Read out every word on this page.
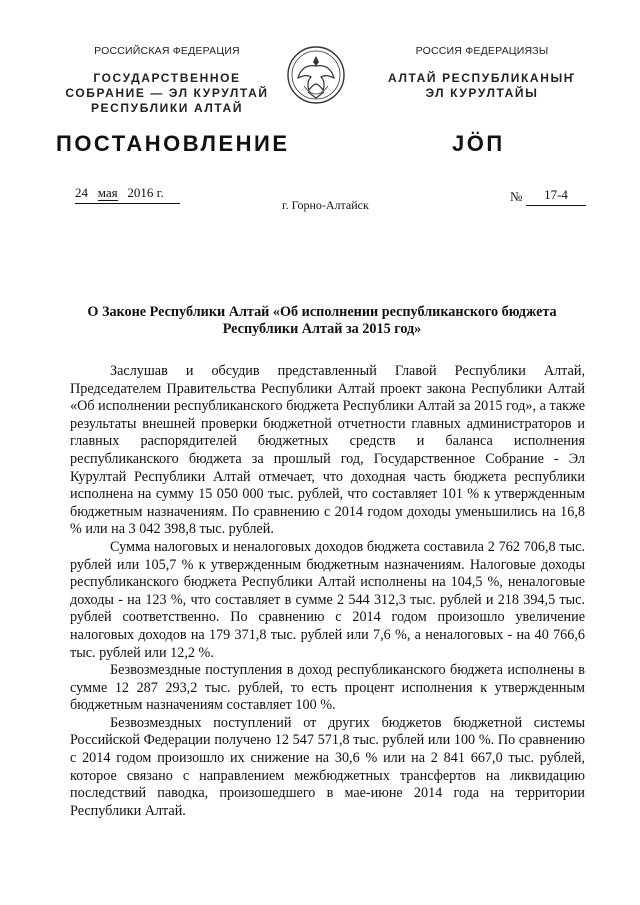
РОССИЙСКАЯ ФЕДЕРАЦИЯ
ГОСУДАРСТВЕННОЕ
СОБРАНИЕ — ЭЛ КУРУЛТАЙ
РЕСПУБЛИКИ АЛТАЙ
РОССИЯ ФЕДЕРАЦИЯЗЫ
АЛТАЙ РЕСПУБЛИКАНЫҤ
ЭЛ КУРУЛТАЙЫ
ПОСТАНОВЛЕНИЕ	JÖП
24 мая 2016 г.
г. Горно-Алтайск
№	17-4
О Законе Республики Алтай «Об исполнении республиканского бюджета
Республики Алтай за 2015 год»

Заслушав и обсудив представленный Главой Республики Алтай, Председателем Правительства Республики Алтай проект закона Республики Алтай «Об исполнении республиканского бюджета Республики Алтай за 2015 год», а также результаты внешней проверки бюджетной отчетности главных администраторов и главных распорядителей бюджетных средств и баланса исполнения республиканского бюджета за прошлый год, Государственное Собрание - Эл Курултай Республики Алтай отмечает, что доходная часть бюджета республики исполнена на сумму 15 050 000 тыс. рублей, что составляет 101 % к утвержденным бюджетным назначениям. По сравнению с 2014 годом доходы уменьшились на 16,8 % или на 3 042 398,8 тыс. рублей.

Сумма налоговых и неналоговых доходов бюджета составила 2 762 706,8 тыс. рублей или 105,7 % к утвержденным бюджетным назначениям. Налоговые доходы республиканского бюджета Республики Алтай исполнены на 104,5 %, неналоговые доходы - на 123 %, что составляет в сумме 2 544 312,3 тыс. рублей и 218 394,5 тыс. рублей соответственно. По сравнению с 2014 годом произошло увеличение налоговых доходов на 179 371,8 тыс. рублей или 7,6 %, а неналоговых - на 40 766,6 тыс. рублей или 12,2 %.

Безвозмездные поступления в доход республиканского бюджета исполнены в сумме 12 287 293,2 тыс. рублей, то есть процент исполнения к утвержденным бюджетным назначениям составляет 100 %.

Безвозмездных поступлений от других бюджетов бюджетной системы Российской Федерации получено 12 547 571,8 тыс. рублей или 100 %. По сравнению с 2014 годом произошло их снижение на 30,6 % или на 2 841 667,0 тыс. рублей, которое связано с направлением межбюджетных трансфертов на ликвидацию последствий паводка, произошедшего в мае-июне 2014 года на территории Республики Алтай.
